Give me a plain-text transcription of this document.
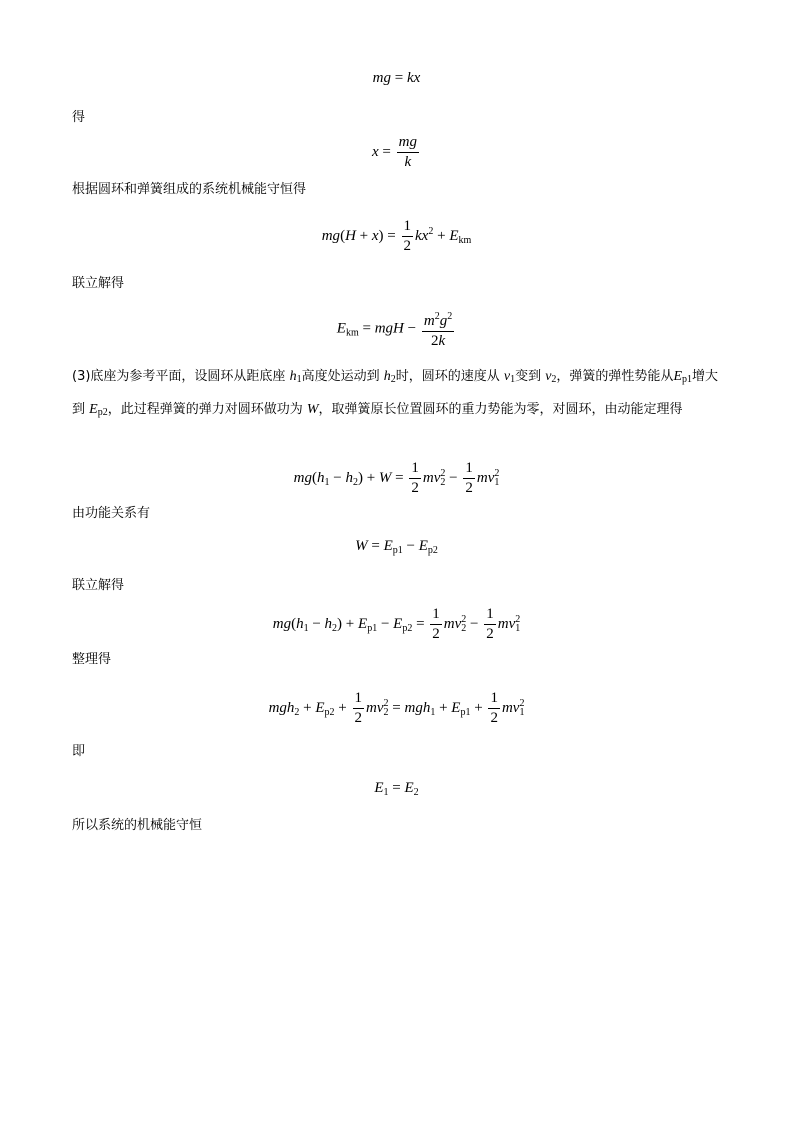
mg = kx
得
$x = \frac{mg}{k}$
根据圆环和弹簧组成的系统机械能守恒得
$mg(H + x) = \frac{1}{2} kx^2 + E_{km}$
联立解得
$E_{km}$ = mgH − $\frac{m^2g^2}{2k}$
(3)底座为参考平面，设圆环从距底座 $h_1$高度处运动到 $h_2$时，圆环的速度从 $v_1$变到 $v_2$，弹簧的弹性势能从$E_{p1}$增大到 $E_{p2}$，此过程弹簧的弹力对圆环做功为 W，取弹簧原长位置圆环的重力势能为零，对圆环，由动能定理得
$mg(h_1 - h_2) + W = \frac{1}{2} mv_2^2 - \frac{1}{2} mv_1^2$
由功能关系有
$W = E_{p1} - E_{p2}$
联立解得
$mg(h_1 - h_2) + E_{p1} - E_{p2} = \frac{1}{2} mv_2^2 - \frac{1}{2} mv_1^2$
整理得
$mgh_2 + E_{p2} + \frac{1}{2} mv_2^2 = mgh_1 + E_{p1} + \frac{1}{2} mv_1^2$
即
$E_1 = E_2$
所以系统的机械能守恒
